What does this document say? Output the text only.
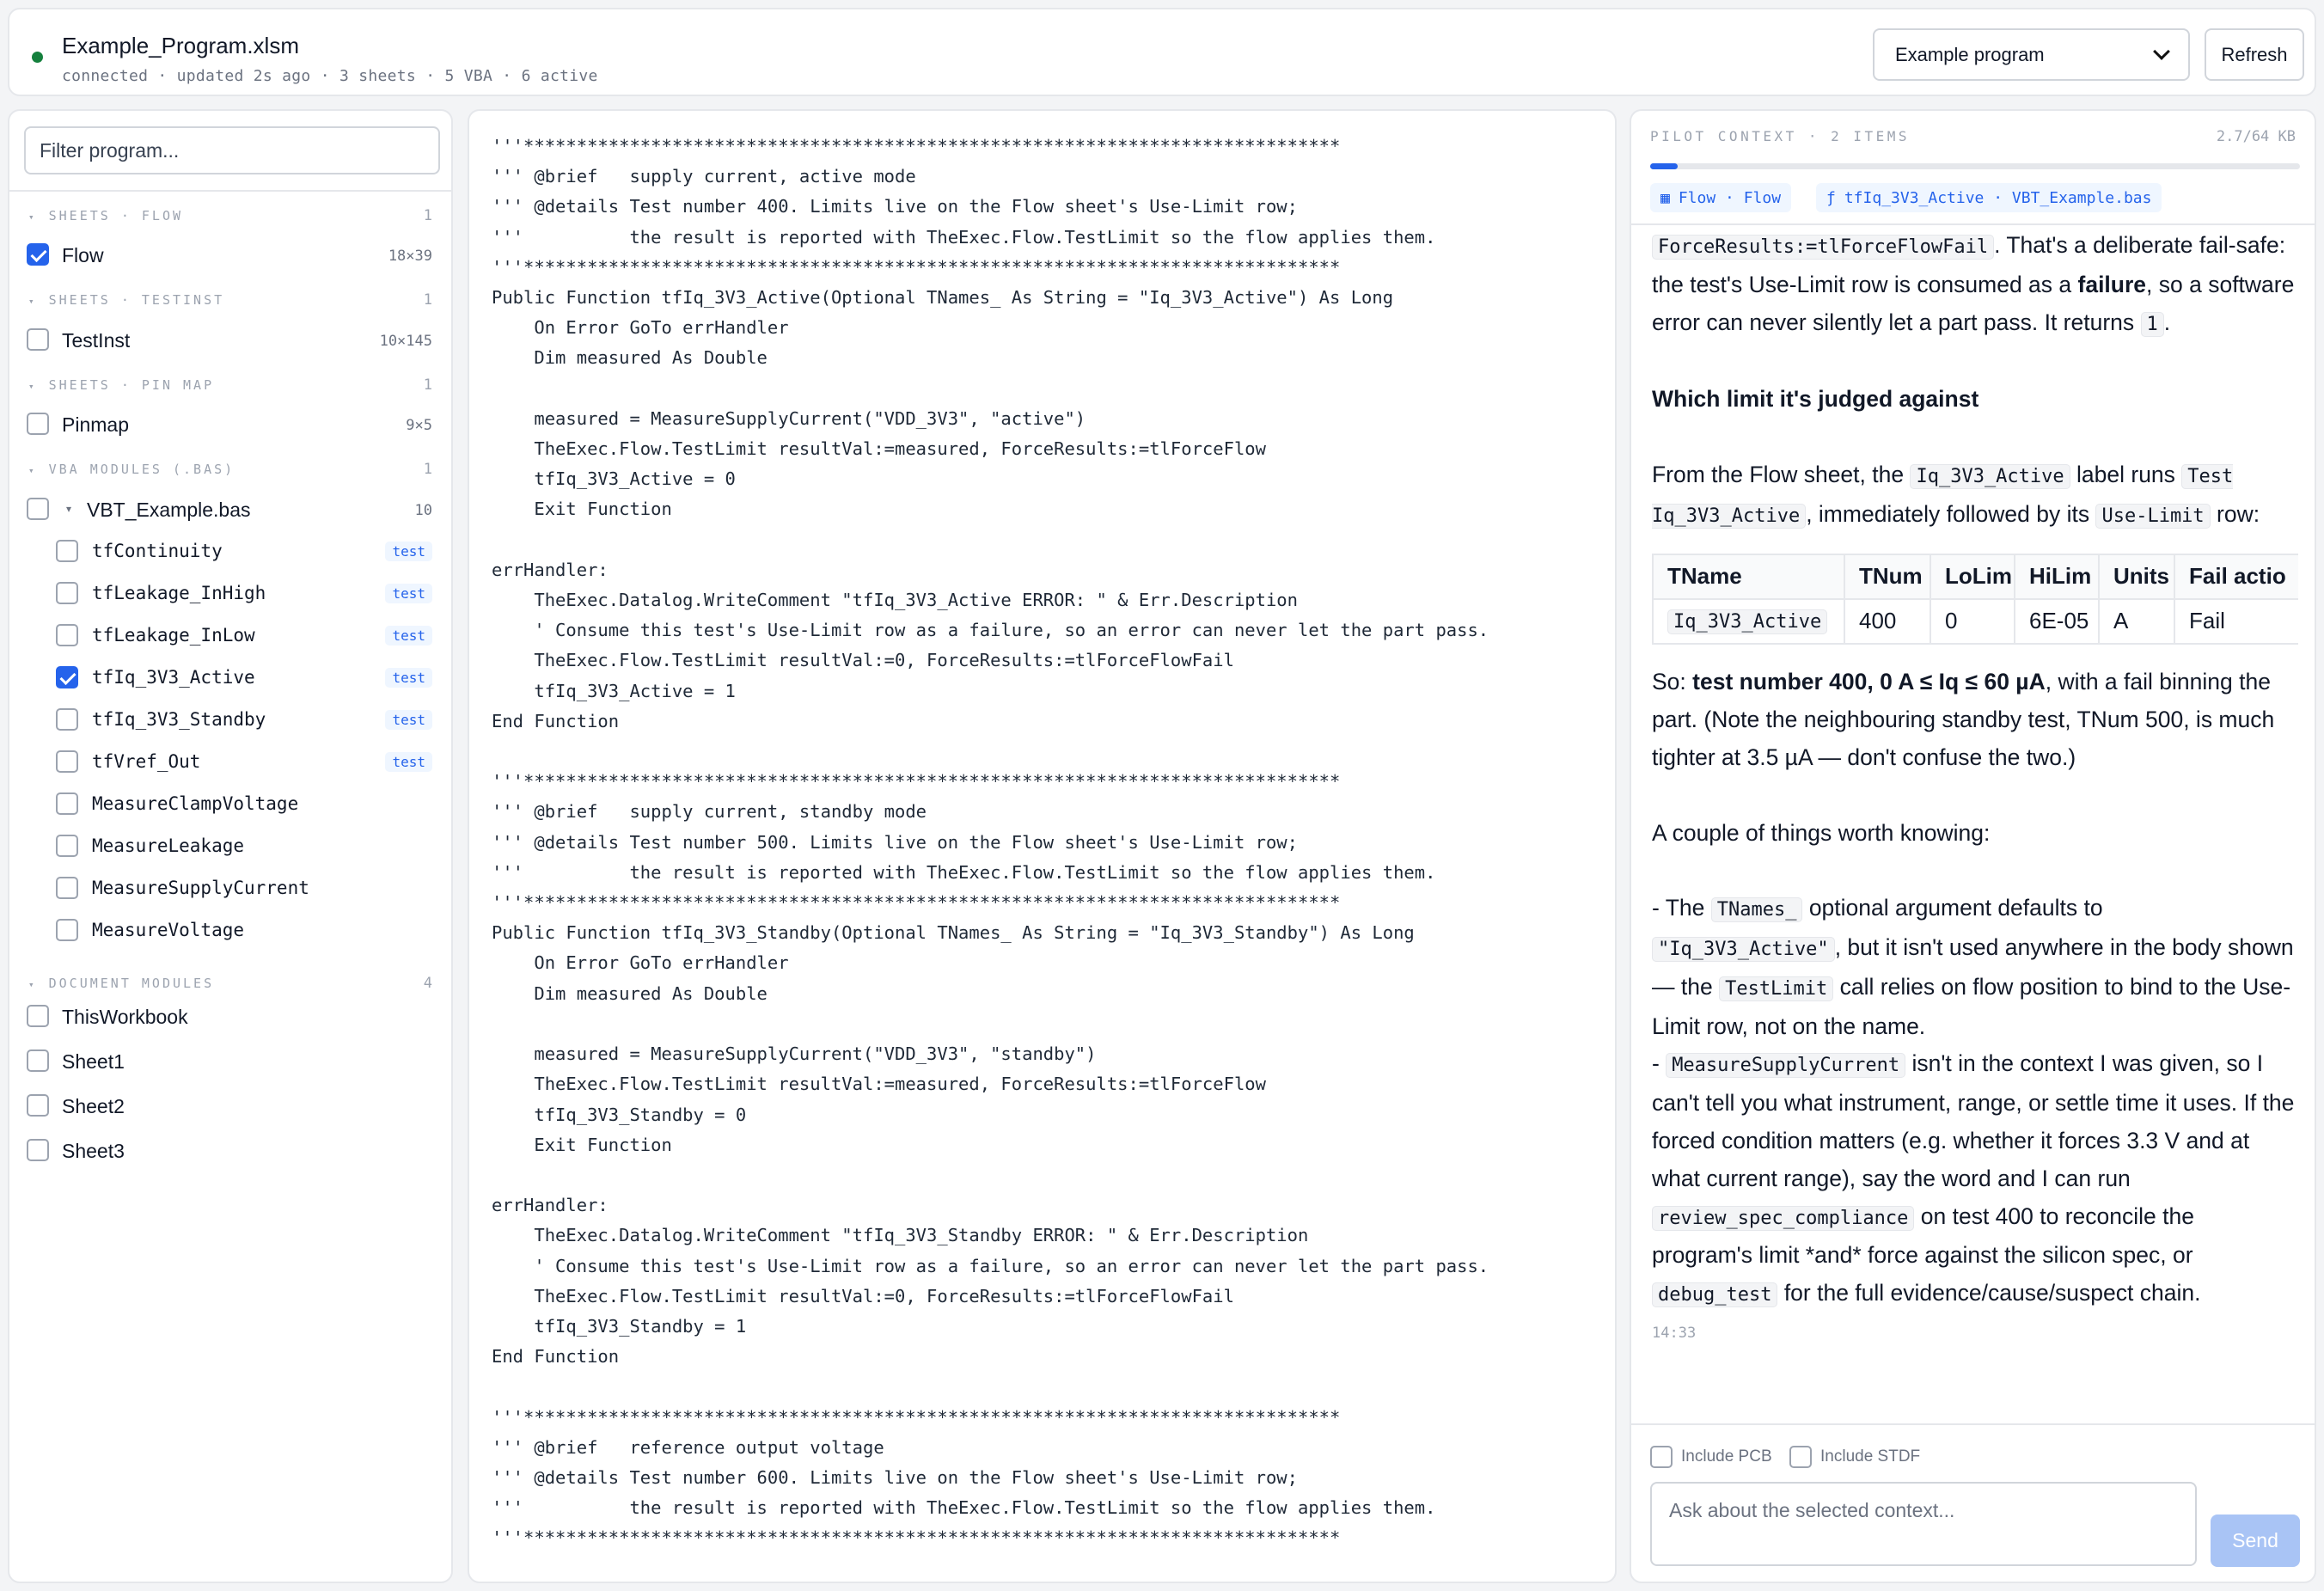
Example_Program.xlsm
connected · updated 2s ago · 3 sheets · 5 VBA · 6 active
Example program	Refresh
Filter program...
▾ SHEETS · FLOW	1
Flow	18×39
▾ SHEETS · TESTINST	1
TestInst	10×145
▾ SHEETS · PIN MAP	1
Pinmap	9×5
▾ VBA MODULES (.BAS)	1
▾ VBT_Example.bas	10
tfContinuity	test
tfLeakage_InHigh	test
tfLeakage_InLow	test
tfIq_3V3_Active	test
tfIq_3V3_Standby	test
tfVref_Out	test
MeasureClampVoltage
MeasureLeakage
MeasureSupplyCurrent
MeasureVoltage
▾ DOCUMENT MODULES	4
ThisWorkbook
Sheet1
Sheet2
Sheet3
'''*****************************************************************************
''' @brief   supply current, active mode
''' @details Test number 400. Limits live on the Flow sheet's Use-Limit row;
'''          the result is reported with TheExec.Flow.TestLimit so the flow applies them.
'''*****************************************************************************
Public Function tfIq_3V3_Active(Optional TNames_ As String = "Iq_3V3_Active") As Long
On Error GoTo errHandler
Dim measured As Double

measured = MeasureSupplyCurrent("VDD_3V3", "active")
TheExec.Flow.TestLimit resultVal:=measured, ForceResults:=tlForceFlow
tfIq_3V3_Active = 0
Exit Function

errHandler:
TheExec.Datalog.WriteComment "tfIq_3V3_Active ERROR: " & Err.Description
' Consume this test's Use-Limit row as a failure, so an error can never let the part pass.
TheExec.Flow.TestLimit resultVal:=0, ForceResults:=tlForceFlowFail
tfIq_3V3_Active = 1
End Function

'''*****************************************************************************
''' @brief   supply current, standby mode
''' @details Test number 500. Limits live on the Flow sheet's Use-Limit row;
'''          the result is reported with TheExec.Flow.TestLimit so the flow applies them.
'''*****************************************************************************
Public Function tfIq_3V3_Standby(Optional TNames_ As String = "Iq_3V3_Standby") As Long
On Error GoTo errHandler
Dim measured As Double

measured = MeasureSupplyCurrent("VDD_3V3", "standby")
TheExec.Flow.TestLimit resultVal:=measured, ForceResults:=tlForceFlow
tfIq_3V3_Standby = 0
Exit Function

errHandler:
TheExec.Datalog.WriteComment "tfIq_3V3_Standby ERROR: " & Err.Description
' Consume this test's Use-Limit row as a failure, so an error can never let the part pass.
TheExec.Flow.TestLimit resultVal:=0, ForceResults:=tlForceFlowFail
tfIq_3V3_Standby = 1
End Function

'''*****************************************************************************
''' @brief   reference output voltage
''' @details Test number 600. Limits live on the Flow sheet's Use-Limit row;
'''          the result is reported with TheExec.Flow.TestLimit so the flow applies them.
'''*****************************************************************************
PILOT CONTEXT · 2 ITEMS	2.7/64 KB
▦ Flow · Flow	ƒ tfIq_3V3_Active · VBT_Example.bas

ForceResults:=tlForceFlowFail . That's a deliberate fail-safe: the test's Use-Limit row is consumed as a failure, so a software error can never silently let a part pass. It returns 1 .

Which limit it's judged against

From the Flow sheet, the Iq_3V3_Active label runs Test Iq_3V3_Active , immediately followed by its Use-Limit row:

TName	TNum	LoLim	HiLim	Units	Fail actio
Iq_3V3_Active	400	0	6E-05	A	Fail

So: test number 400, 0 A ≤ Iq ≤ 60 µA, with a fail binning the part. (Note the neighbouring standby test, TNum 500, is much tighter at 3.5 µA — don't confuse the two.)

A couple of things worth knowing:

- The TNames_ optional argument defaults to "Iq_3V3_Active" , but it isn't used anywhere in the body shown — the TestLimit call relies on flow position to bind to the Use-Limit row, not on the name.

- MeasureSupplyCurrent isn't in the context I was given, so I can't tell you what instrument, range, or settle time it uses. If the forced condition matters (e.g. whether it forces 3.3 V and at what current range), say the word and I can run review_spec_compliance on test 400 to reconcile the program's limit *and* force against the silicon spec, or debug_test for the full evidence/cause/suspect chain.

14:33
Include PCB	Include STDF
Ask about the selected context...
Send
